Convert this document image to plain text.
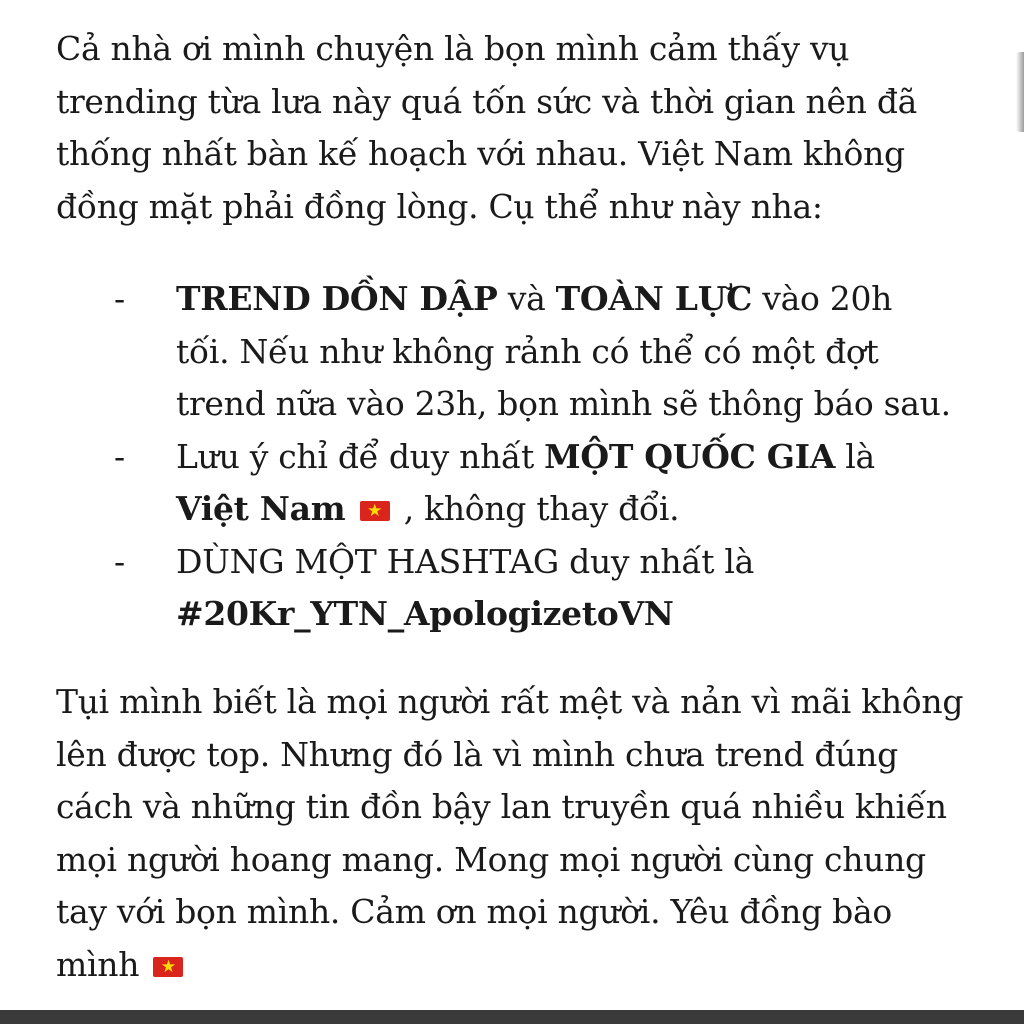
Cả nhà ơi mình chuyện là bọn mình cảm thấy vụ
trending từa lưa này quá tốn sức và thời gian nên đã
thống nhất bàn kế hoạch với nhau. Việt Nam không
đồng mặt phải đồng lòng. Cụ thể như này nha:

- TREND DỒN DẬP và TOÀN LỰC vào 20h
tối. Nếu như không rảnh có thể có một đợt
trend nữa vào 23h, bọn mình sẽ thông báo sau.
- Lưu ý chỉ để duy nhất MỘT QUỐC GIA là
Việt Nam ★ , không thay đổi.
- DÙNG MỘT HASHTAG duy nhất là
#20Kr_YTN_ApologizetoVN

Tụi mình biết là mọi người rất mệt và nản vì mãi không
lên được top. Nhưng đó là vì mình chưa trend đúng
cách và những tin đồn bậy lan truyền quá nhiều khiến
mọi người hoang mang. Mong mọi người cùng chung
tay với bọn mình. Cảm ơn mọi người. Yêu đồng bào
mình ★
